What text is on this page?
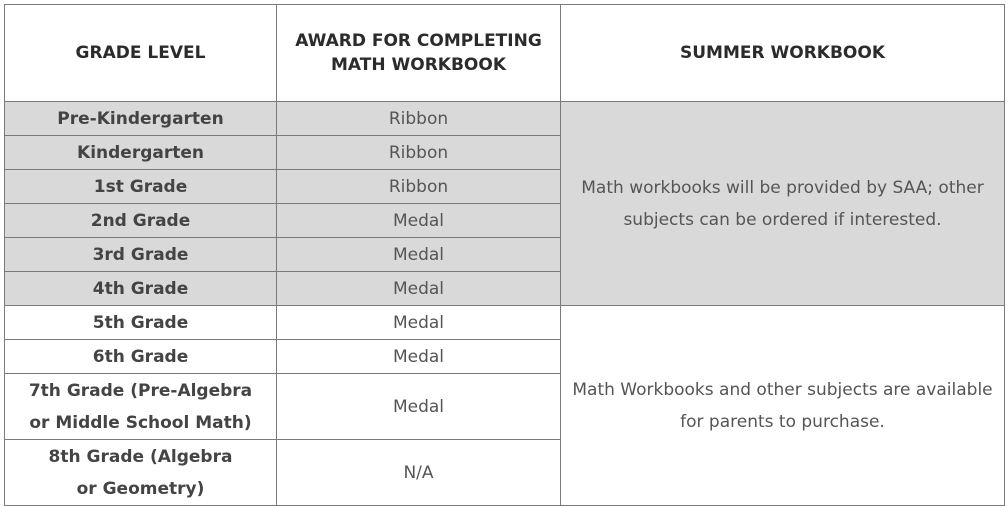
GRADE LEVEL	AWARD FOR COMPLETING MATH WORKBOOK	SUMMER WORKBOOK
Pre-Kindergarten	Ribbon	Math workbooks will be provided by SAA; other subjects can be ordered if interested.
Kindergarten	Ribbon	
1st Grade	Ribbon	
2nd Grade	Medal	
3rd Grade	Medal	
4th Grade	Medal	
5th Grade	Medal	Math Workbooks and other subjects are available for parents to purchase.
6th Grade	Medal	
7th Grade (Pre-Algebra or Middle School Math)	Medal	
8th Grade (Algebra or Geometry)	N/A	
